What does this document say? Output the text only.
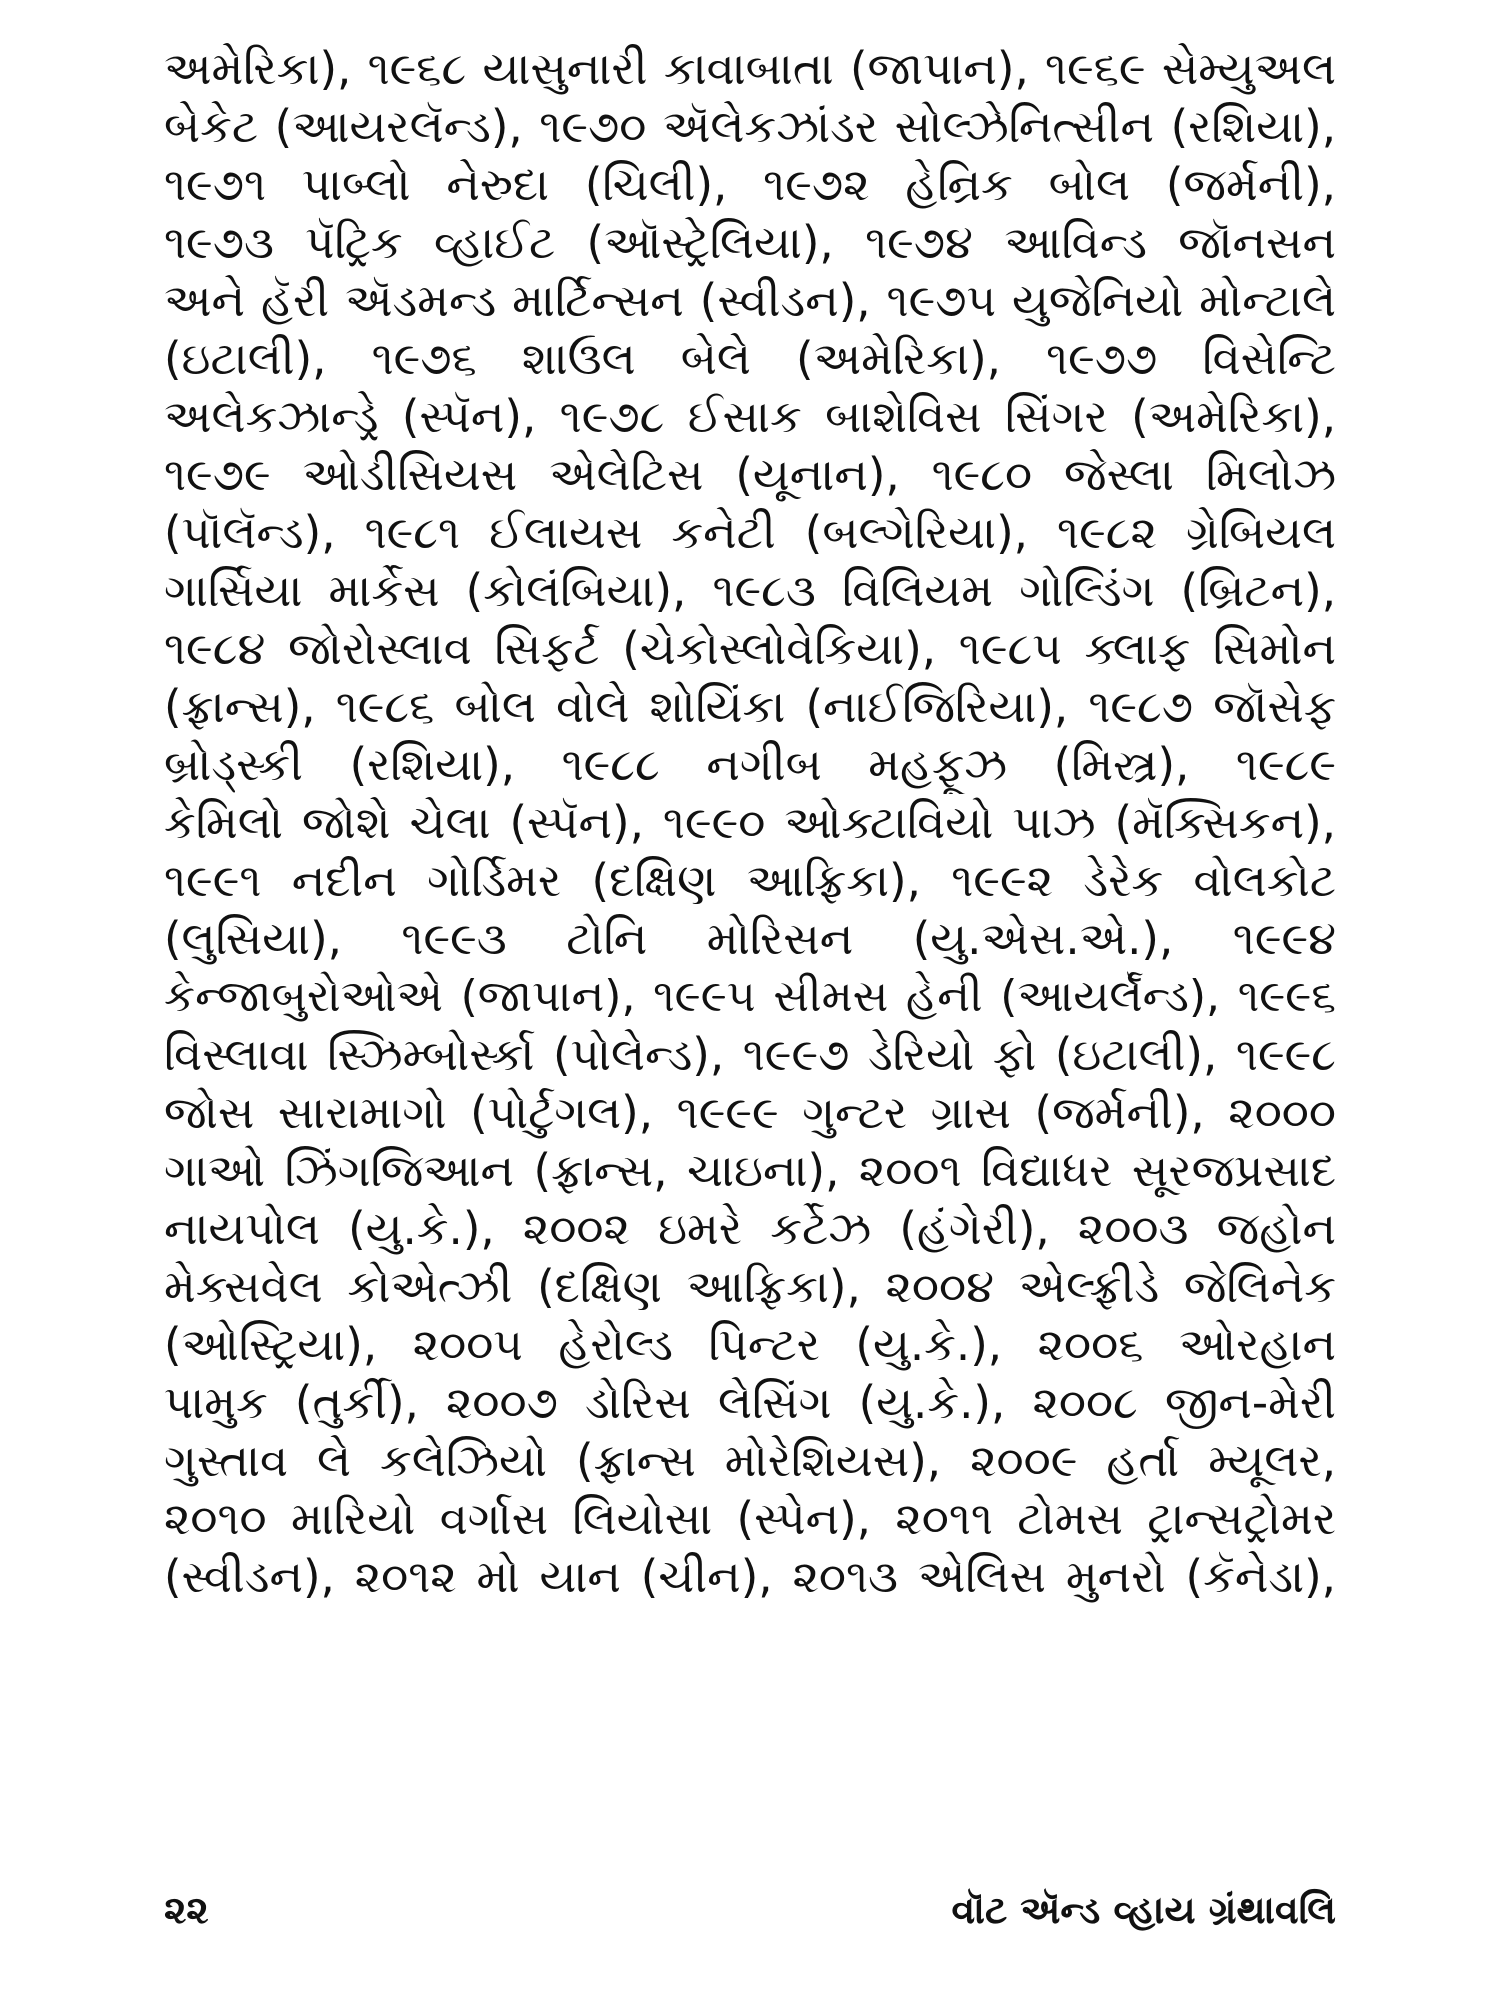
અમેરિકા), ૧૯૬૮ યાસુનારી કાવાબાતા (જાપાન), ૧૯૬૯ સેમ્યુઅલ
બેકેટ (આયરલૅન્ડ), ૧૯૭૦ ઍલેકઝાંડર સોલ્ઝેનિત્સીન (રશિયા),
૧૯૭૧ પાબ્લો નેરુદા (ચિલી), ૧૯૭૨ હેન્રિક બોલ (જર્મની),
૧૯૭૩ પૅટ્રિક વ્હાઈટ (ઑસ્ટ્રેલિયા), ૧૯૭૪ આવિન્ડ જૉનસન
અને હૅરી ઍડમન્ડ માર્ટિન્સન (સ્વીડન), ૧૯૭૫ યુજેનિયો મોન્ટાલે
(ઇટાલી), ૧૯૭૬ શાઉલ બેલે (અમેરિકા), ૧૯૭૭ વિસેન્ટિ
અલેકઝાન્ડ્રે (સ્પૅન), ૧૯૭૮ ઈસાક બાશેવિસ સિંગર (અમેરિકા),
૧૯૭૯ ઓડીસિયસ એલેટિસ (યૂનાન), ૧૯૮૦ જેસ્લા મિલોઝ
(પૉલૅન્ડ), ૧૯૮૧ ઈલાયસ કનેટી (બલ્ગેરિયા), ૧૯૮૨ ગ્રેબિયલ
ગાર્સિયા માર્કેસ (કોલંબિયા), ૧૯૮૩ વિલિયમ ગોલ્ડિંગ (બ્રિટન),
૧૯૮૪ જોરોસ્લાવ સિફર્ટ (ચેકોસ્લોવેકિયા), ૧૯૮૫ ક્લાફ સિમોન
(ફ્રાન્સ), ૧૯૮૬ બોલ વોલે શોયિંકા (નાઈજિરિયા), ૧૯૮૭ જૉસેફ
બ્રોડ્સ્કી (રશિયા), ૧૯૮૮ નગીબ મહફૂઝ (મિસ્ત્ર), ૧૯૮૯
કેમિલો જોશે ચેલા (સ્પૅન), ૧૯૯૦ ઓક્ટાવિયો પાઝ (મૅક્સિકન),
૧૯૯૧ નદીન ગોર્ડિમર (દક્ષિણ આફ્રિકા), ૧૯૯૨ ડેરેક વોલકોટ
(લુસિયા), ૧૯૯૩ ટોનિ મોરિસન (યુ.એસ.એ.), ૧૯૯૪
કેન્જાબુરોઓએ (જાપાન), ૧૯૯૫ સીમસ હેની (આયર્લૅન્ડ), ૧૯૯૬
વિસ્લાવા સ્ઝિમ્બોર્સ્કા (પોલેન્ડ), ૧૯૯૭ ડેરિયો ફો (ઇટાલી), ૧૯૯૮
જોસ સારામાગો (પોર્ટુગલ), ૧૯૯૯ ગુન્ટર ગ્રાસ (જર્મની), ૨૦૦૦
ગાઓ ઝિંગજિઆન (ફ્રાન્સ, ચાઇના), ૨૦૦૧ વિદ્યાધર સૂરજપ્રસાદ
નાયપોલ (યુ.કે.), ૨૦૦૨ ઇમરે કર્ટેઝ (હંગેરી), ૨૦૦૩ જહોન
મેક્સવેલ કોએત્ઝી (દક્ષિણ આફ્રિકા), ૨૦૦૪ એલ્ફ્રીડે જેલિનેક
(ઓસ્ટ્રિયા), ૨૦૦૫ હેરોલ્ડ પિન્ટર (યુ.કે.), ૨૦૦૬ ઓરહાન
પામુક (તુર્કી), ૨૦૦૭ ડોરિસ લેસિંગ (યુ.કે.), ૨૦૦૮ જીન-મેરી
ગુસ્તાવ લે કલેઝિયો (ફ્રાન્સ મોરેશિયસ), ૨૦૦૯ હર્તા મ્યૂલર,
૨૦૧૦ મારિયો વર્ગાસ લિયોસા (સ્પેન), ૨૦૧૧ ટોમસ ટ્રાન્સટ્રોમર
(સ્વીડન), ૨૦૧૨ મો યાન (ચીન), ૨૦૧૩ એલિસ મુનરો (કૅનેડા),
૨૨	વૉટ ઍન્ડ વ્હાય ગ્રંથાવલિ
